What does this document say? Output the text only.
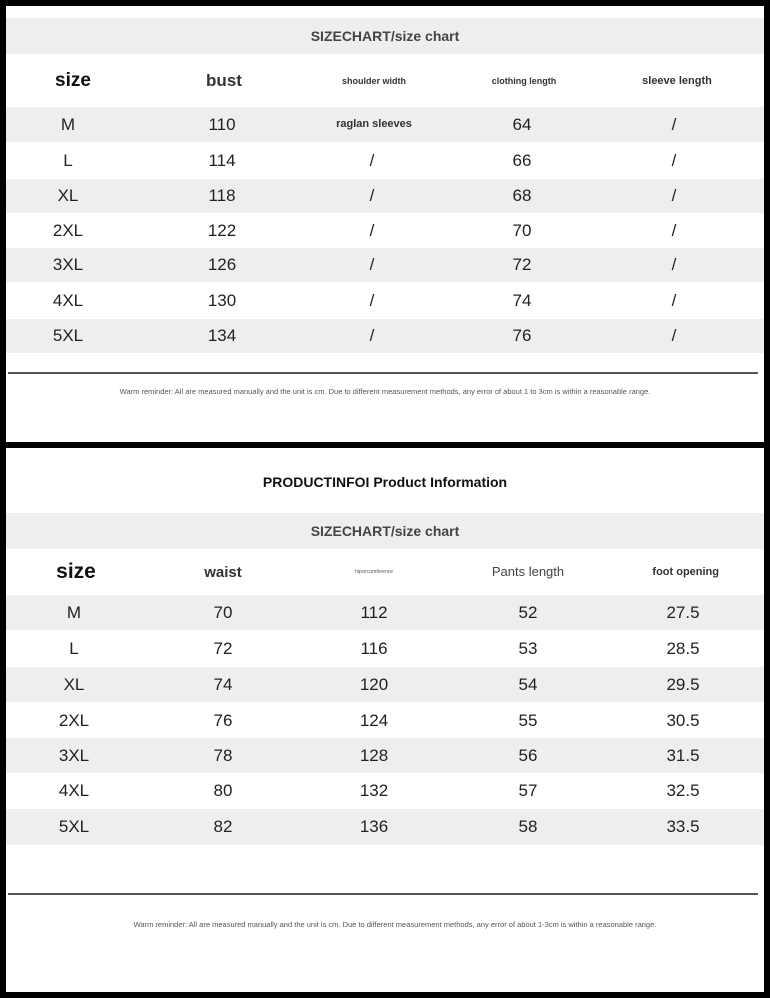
SIZECHART/size chart
size	bust	shoulder width	clothing length	sleeve length
M	110	raglan sleeves	64	/
L	114	/	66	/
XL	118	/	68	/
2XL	122	/	70	/
3XL	126	/	72	/
4XL	130	/	74	/
5XL	134	/	76	/
Warm reminder: All are measured manually and the unit is cm. Due to different measurement methods, any error of about 1 to 3cm is within a reasonable range.
PRODUCTINFOI Product Information
SIZECHART/size chart
size	waist	hipcircumference	Pants length	foot opening
M	70	112	52	27.5
L	72	116	53	28.5
XL	74	120	54	29.5
2XL	76	124	55	30.5
3XL	78	128	56	31.5
4XL	80	132	57	32.5
5XL	82	136	58	33.5
Warm reminder: All are measured manually and the unit is cm. Due to different measurement methods, any error of about 1-3cm is within a reasonable range.
